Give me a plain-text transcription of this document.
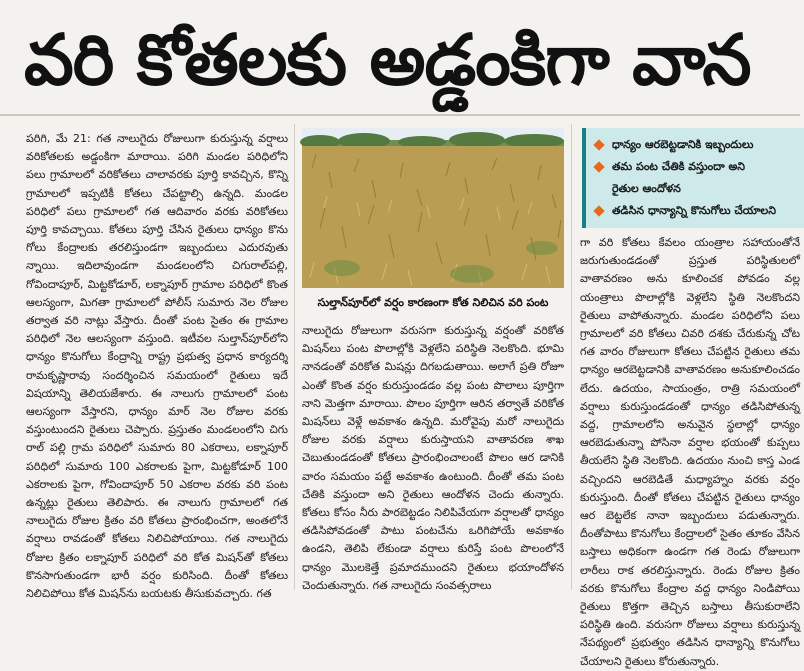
వరి కోతలకు అడ్డంకిగా వాన

పరిగి, మే 21: గత నాలుగైదు రోజులుగా కురుస్తున్న వర్షాలు వరికోతలకు అడ్డంకిగా మారాయి. పరిగి మండల పరిధిలోని పలు గ్రామాలలో వరికోతలు చాలావరకు పూర్తి కావచ్చిన, కొన్ని గ్రామాలలో ఇప్పటికీ కోతలు చేపట్టాల్సి ఉన్నది. మండల పరిధిలో పలు గ్రామాలలో గత ఆదివారం వరకు వరికోతలు పూర్తి కావచ్చాయి. కోతలు పూర్తి చేసిన రైతులు ధాన్యం కొను గోలు కేంద్రాలకు తరలిస్తుండగా ఇబ్బందులు ఎదురవుతు న్నాయి. ఇదిలావుండగా మండలంలోని చిగురాల్‌పల్లి, గోవిందాపూర్, మిట్టకోడూర్, లక్నాపూర్ గ్రామాల పరిధిలో కొంత ఆలస్యంగా, మిగతా గ్రామాలలో పోలీస్ సుమారు నెల రోజుల తర్వాత వరి నాట్లు వేస్తారు. దీంతో పంట సైతం ఈ గ్రామాల పరిధిలో నెల ఆలస్యంగా వస్తుంది. ఇటీవల సుల్తాన్‌పూర్‌లోని ధాన్యం కొనుగోలు కేంద్రాన్ని రాష్ట్ర ప్రభుత్వ ప్రధాన కార్యదర్శి రామకృష్ణారావు సందర్శించిన సమయంలో రైతులు ఇదే విషయాన్ని తెలియజేశారు. ఈ నాలుగు గ్రామాలలో పంట ఆలస్యంగా వేస్తారని, ధాన్యం మార్ నెల రోజుల వరకు వస్తుంటుందని రైతులు చెప్పారు. ప్రస్తుతం మండలంలోని చిగు రాల్ పల్లి గ్రామ పరిధిలో సుమారు 80 ఎకరాలు, లక్నాపూర్ పరిధిలో సుమారు 100 ఎకరాలకు పైగా, మిట్టకోడూర్ 100 ఎకరాలకు పైగా, గోవిందాపూర్ 50 ఎకరాల వరకు వరి పంట ఉన్నట్లు రైతులు తెలిపారు. ఈ నాలుగు గ్రామాలలో గత నాలుగైదు రోజుల క్రితం వరి కోతలు ప్రారంభించగా, అంతలోనే వర్షాలు రావడంతో కోతలు నిలిచిపోయాయి. గత నాలుగైదు రోజుల క్రితం లక్నాపూర్ పరిధిలో వరి కోత మిషన్‌తో కోతలు కొనసాగుతుండగా భారీ వర్షం కురిసింది. దీంతో కోతలు నిలిచిపోయి కోత మిషన్‌ను బయటకు తీసుకువచ్చారు. గత

సుల్తాన్‌పూర్‌లో వర్షం కారణంగా కోత నిలిచిన వరి పంట

నాలుగైదు రోజులుగా వరుసగా కురుస్తున్న వర్షంతో వరికోత మిషన్‌లు పంట పొలాల్లోకి వెళ్లలేని పరిస్థితి నెలకొంది. భూమి నానడంతో వరికోత మిషన్లు దిగబడుతాయి. అలాగే ప్రతి రోజూ ఎంతో కొంత వర్షం కురుస్తుండడం వల్ల పంట పొలాలు పూర్తిగా నాని మెత్తగా మారాయి. పొలం పూర్తిగా ఆరిన తర్వాతే వరికోత మిషన్‌లు వెళ్లే అవకాశం ఉన్నది. మరోవైపు మరో నాలుగైదు రోజుల వరకు వర్షాలు కురుస్తాయని వాతావరణ శాఖ చెబుతుండడంతో కోతలు ప్రారంభించాలంటే పొలం ఆర డానికి వారం సమయం పట్టే అవకాశం ఉంటుంది. దీంతో తమ పంట చేతికి వస్తుందా అని రైతులు ఆందోళన చెందు తున్నారు. కోతలు కోసం నీరు పారబెట్టడం నిలిపివేయగా వర్షాలతో ధాన్యం తడిసిపోవడంతో పాటు పంటచేను ఒరిగిపోయే అవకాశం ఉండని, తెలిపి లేకుండా వర్షాలు కురిస్తే పంట పొలంలోనే ధాన్యం మొలకెత్తే ప్రమాదముందని రైతులు భయాందోళన చెందుతున్నారు. గత నాలుగైదు సంవత్సరాలు

ధాన్యం ఆరబెట్టడానికి ఇబ్బందులు
తమ పంట చేతికి వస్తుందా అని
రైతుల ఆందోళన
తడిసిన ధాన్యాన్ని కొనుగోలు చేయాలని

గా వరి కోతలు కేవలం యంత్రాల సహాయంతోనే జరుగుతుండడంతో ప్రస్తుత పరిస్థితులలో వాతావరణం అను కూలించక పోవడం వల్ల యంత్రాలు పొలాల్లోకి వెళ్లలేని స్థితి నెలకొందని రైతులు వాపోతున్నారు. మండల పరిధిలోని పలు గ్రామాలలో వరి కోతలు చివరి దశకు చేరుకున్న చోట గత వారం రోజులుగా కోతలు చేపట్టిన రైతులు తమ ధాన్యం ఆరబెట్టడానికి వాతావరణం అనుకూలించడం లేదు. ఉదయం, సాయంత్రం, రాత్రి సమయంలో వర్షాలు కురుస్తుండడంతో ధాన్యం తడిసిపోతున్న వద్ద, గ్రామాలలోని అనువైన స్థలాల్లో ధాన్యం ఆరబెడుతున్నా పోసినా వర్షాల భయంతో కుప్పలు తీయలేని స్థితి నెలకొంది. ఉదయం నుంచి కాస్త ఎండ వచ్చిందని ఆరబెడితే మధ్యాహ్నం వరకు వర్షం కురుస్తుంది. దీంతో కోతలు చేపట్టిన రైతులు ధాన్యం ఆర బెట్టలేక నానా ఇబ్బందులు పడుతున్నారు. దీంతోపాటు కొనుగోలు కేంద్రాలలో సైతం తూకం వేసిన బస్తాలు అధికంగా ఉండగా గత రెండు రోజులుగా లారీలు రాక తరలిస్తున్నారు. రెండు రోజుల క్రితం వరకు కొనుగోలు కేంద్రాల వద్ద ధాన్యం నిండిపోయి రైతులు కొత్తగా తెచ్చిన బస్తాలు తీసుకురాలేని పరిస్థితి ఉంది. వరుసగా రోజులు వర్షాలు కురుస్తున్న నేపథ్యంలో ప్రభుత్వం తడిసిన ధాన్యాన్ని కొనుగోలు చేయాలని రైతులు కోరుతున్నారు.
